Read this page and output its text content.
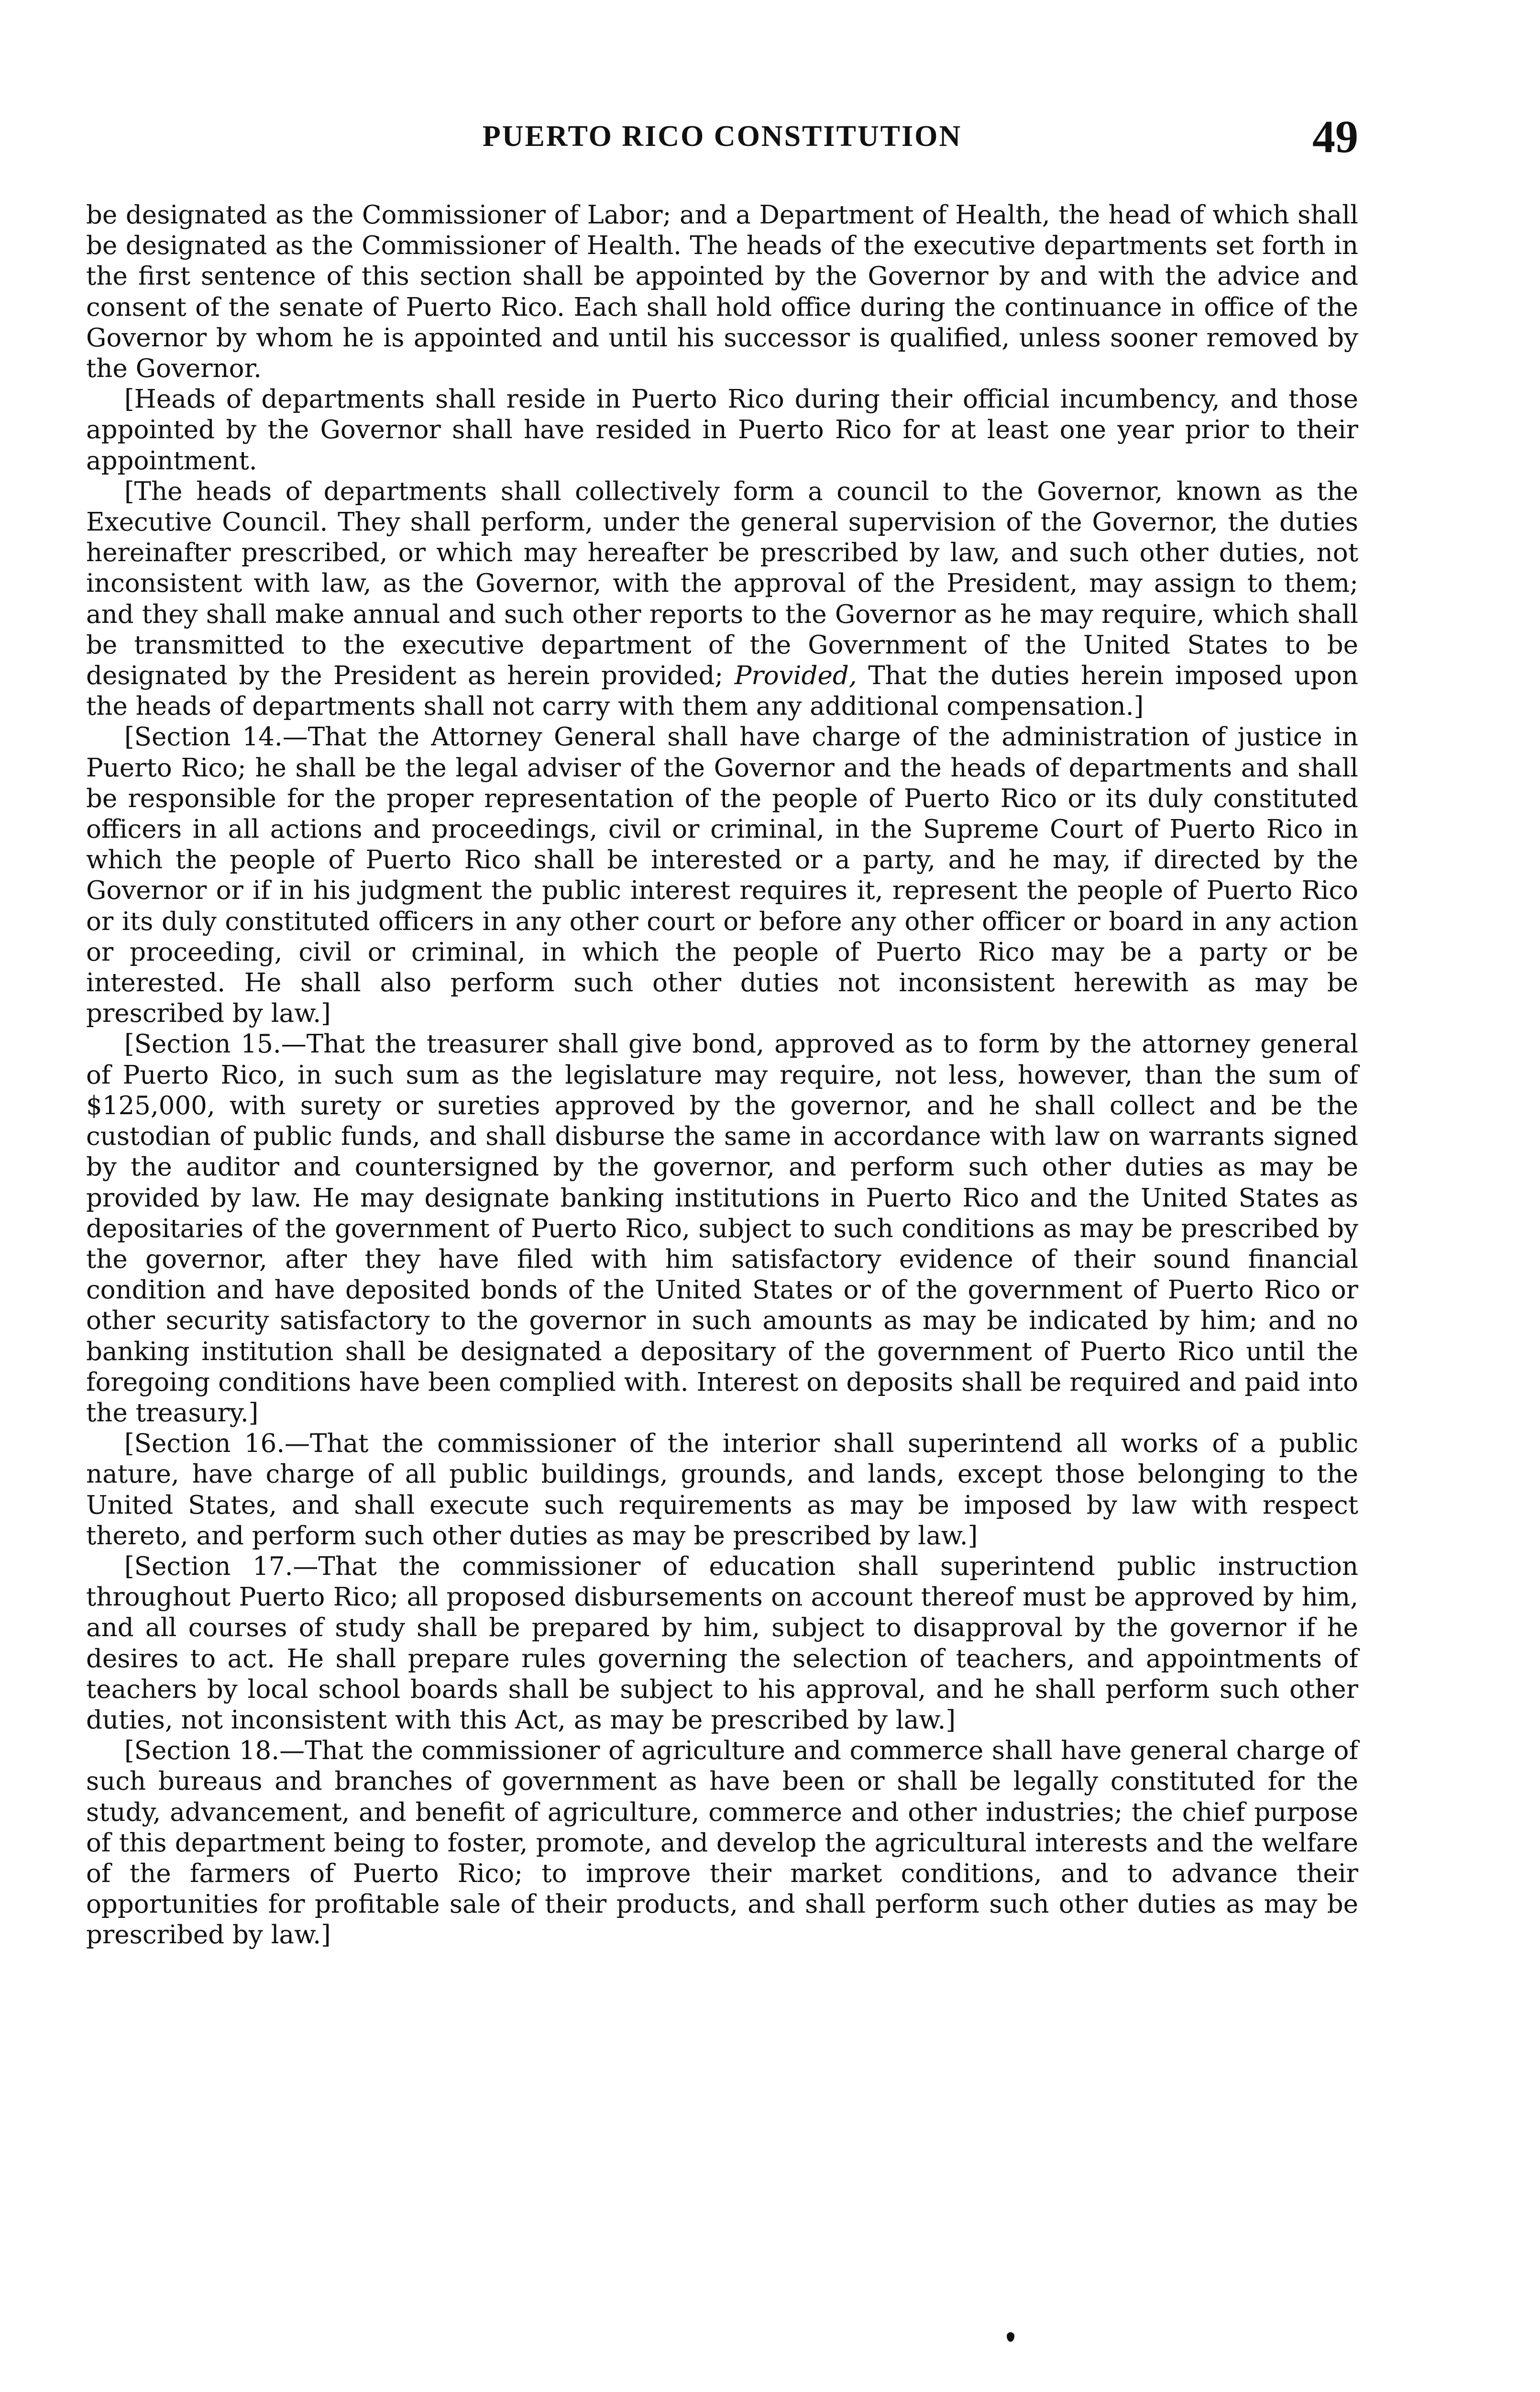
PUERTO RICO CONSTITUTION	49

be designated as the Commissioner of Labor; and a Department of Health, the head of which shall be designated as the Commissioner of Health. The heads of the executive departments set forth in the first sentence of this section shall be appointed by the Governor by and with the advice and consent of the senate of Puerto Rico. Each shall hold office during the continuance in office of the Governor by whom he is appointed and until his successor is qualified, unless sooner removed by the Governor.

[Heads of departments shall reside in Puerto Rico during their official incumbency, and those appointed by the Governor shall have resided in Puerto Rico for at least one year prior to their appointment.

[The heads of departments shall collectively form a council to the Governor, known as the Executive Council. They shall perform, under the general supervision of the Governor, the duties hereinafter prescribed, or which may hereafter be prescribed by law, and such other duties, not inconsistent with law, as the Governor, with the approval of the President, may assign to them; and they shall make annual and such other reports to the Governor as he may require, which shall be transmitted to the executive department of the Government of the United States to be designated by the President as herein provided; Provided, That the duties herein imposed upon the heads of departments shall not carry with them any additional compensation.]

[Section 14.—That the Attorney General shall have charge of the administration of justice in Puerto Rico; he shall be the legal adviser of the Governor and the heads of departments and shall be responsible for the proper representation of the people of Puerto Rico or its duly constituted officers in all actions and proceedings, civil or criminal, in the Supreme Court of Puerto Rico in which the people of Puerto Rico shall be interested or a party, and he may, if directed by the Governor or if in his judgment the public interest requires it, represent the people of Puerto Rico or its duly constituted officers in any other court or before any other officer or board in any action or proceeding, civil or criminal, in which the people of Puerto Rico may be a party or be interested. He shall also perform such other duties not inconsistent herewith as may be prescribed by law.]

[Section 15.—That the treasurer shall give bond, approved as to form by the attorney general of Puerto Rico, in such sum as the legislature may require, not less, however, than the sum of $125,000, with surety or sureties approved by the governor, and he shall collect and be the custodian of public funds, and shall disburse the same in accordance with law on warrants signed by the auditor and countersigned by the governor, and perform such other duties as may be provided by law. He may designate banking institutions in Puerto Rico and the United States as depositaries of the government of Puerto Rico, subject to such conditions as may be prescribed by the governor, after they have filed with him satisfactory evidence of their sound financial condition and have deposited bonds of the United States or of the government of Puerto Rico or other security satisfactory to the governor in such amounts as may be indicated by him; and no banking institution shall be designated a depositary of the government of Puerto Rico until the foregoing conditions have been complied with. Interest on deposits shall be required and paid into the treasury.]

[Section 16.—That the commissioner of the interior shall superintend all works of a public nature, have charge of all public buildings, grounds, and lands, except those belonging to the United States, and shall execute such requirements as may be imposed by law with respect thereto, and perform such other duties as may be prescribed by law.]

[Section 17.—That the commissioner of education shall superintend public instruction throughout Puerto Rico; all proposed disbursements on account thereof must be approved by him, and all courses of study shall be prepared by him, subject to disapproval by the governor if he desires to act. He shall prepare rules governing the selection of teachers, and appointments of teachers by local school boards shall be subject to his approval, and he shall perform such other duties, not inconsistent with this Act, as may be prescribed by law.]

[Section 18.—That the commissioner of agriculture and commerce shall have general charge of such bureaus and branches of government as have been or shall be legally constituted for the study, advancement, and benefit of agriculture, commerce and other industries; the chief purpose of this department being to foster, promote, and develop the agricultural interests and the welfare of the farmers of Puerto Rico; to improve their market conditions, and to advance their opportunities for profitable sale of their products, and shall perform such other duties as may be prescribed by law.]
